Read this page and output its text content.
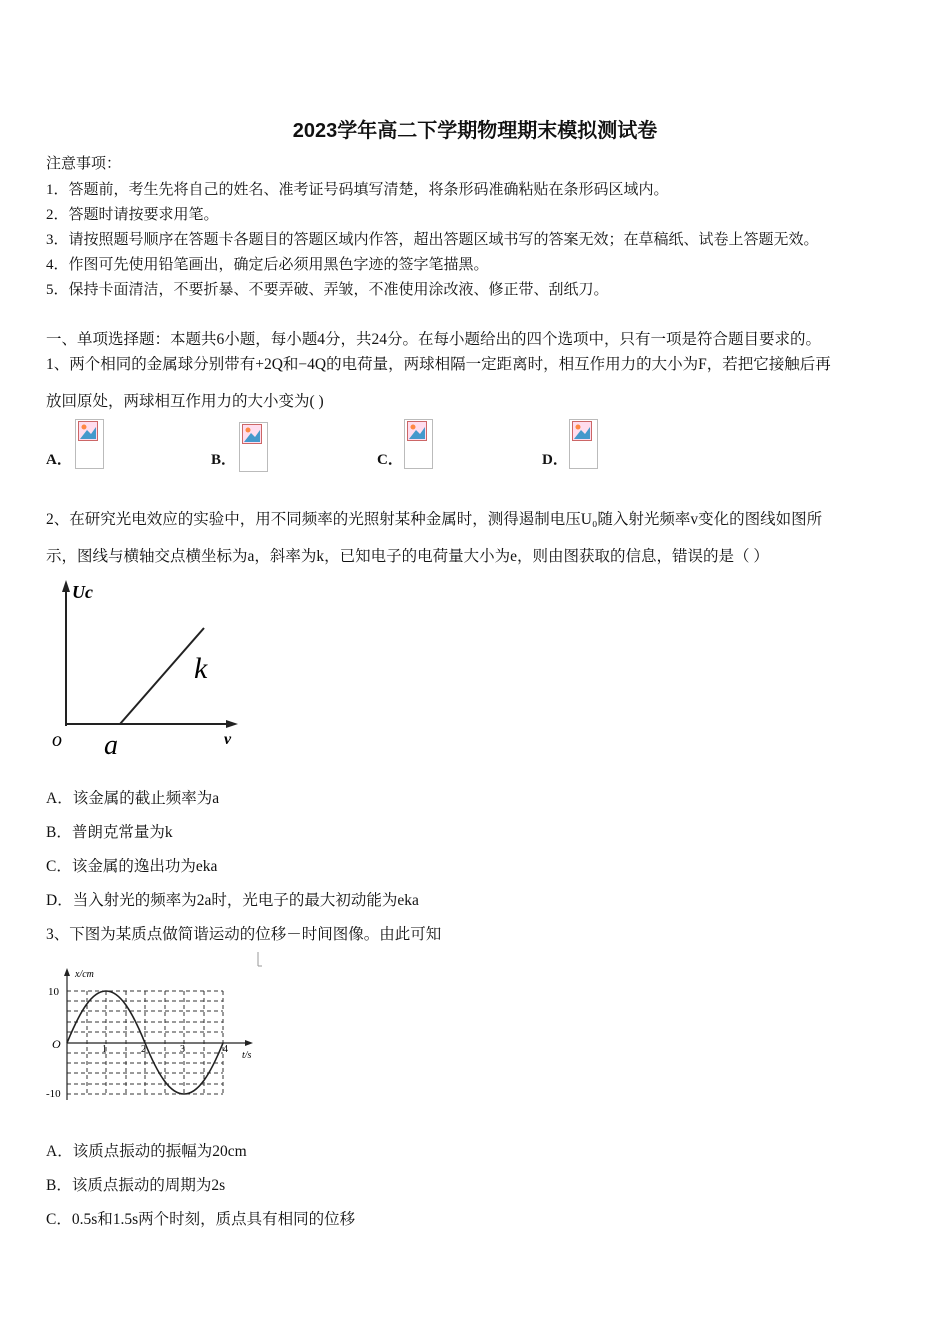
2023学年高二下学期物理期末模拟测试卷
注意事项：
1．答题前，考生先将自己的姓名、准考证号码填写清楚，将条形码准确粘贴在条形码区域内。
2．答题时请按要求用笔。
3．请按照题号顺序在答题卡各题目的答题区域内作答，超出答题区域书写的答案无效；在草稿纸、试卷上答题无效。
4．作图可先使用铅笔画出，确定后必须用黑色字迹的签字笔描黑。
5．保持卡面清洁，不要折暴、不要弄破、弄皱，不准使用涂改液、修正带、刮纸刀。
一、单项选择题：本题共6小题，每小题4分，共24分。在每小题给出的四个选项中，只有一项是符合题目要求的。
1、两个相同的金属球分别带有+2Q和−4Q的电荷量，两球相隔一定距离时，相互作用力的大小为F，若把它接触后再
放回原处，两球相互作用力的大小变为( )
A．	B．	C．	D．
2、在研究光电效应的实验中，用不同频率的光照射某种金属时，测得遏制电压U₀随入射光频率v变化的图线如图所
示，图线与横轴交点横坐标为a，斜率为k，已知电子的电荷量大小为e，则由图获取的信息，错误的是（ ）
Uc
v
o a
k
A．该金属的截止频率为a
B．普朗克常量为k
C．该金属的逸出功为eka
D．当入射光的频率为2a时，光电子的最大初动能为eka
3、下图为某质点做简谐运动的位移－时间图像。由此可知
x/cm
t/s
O
10
-10
1	2	3	4
A．该质点振动的振幅为20cm
B．该质点振动的周期为2s
C．0.5s和1.5s两个时刻，质点具有相同的位移
